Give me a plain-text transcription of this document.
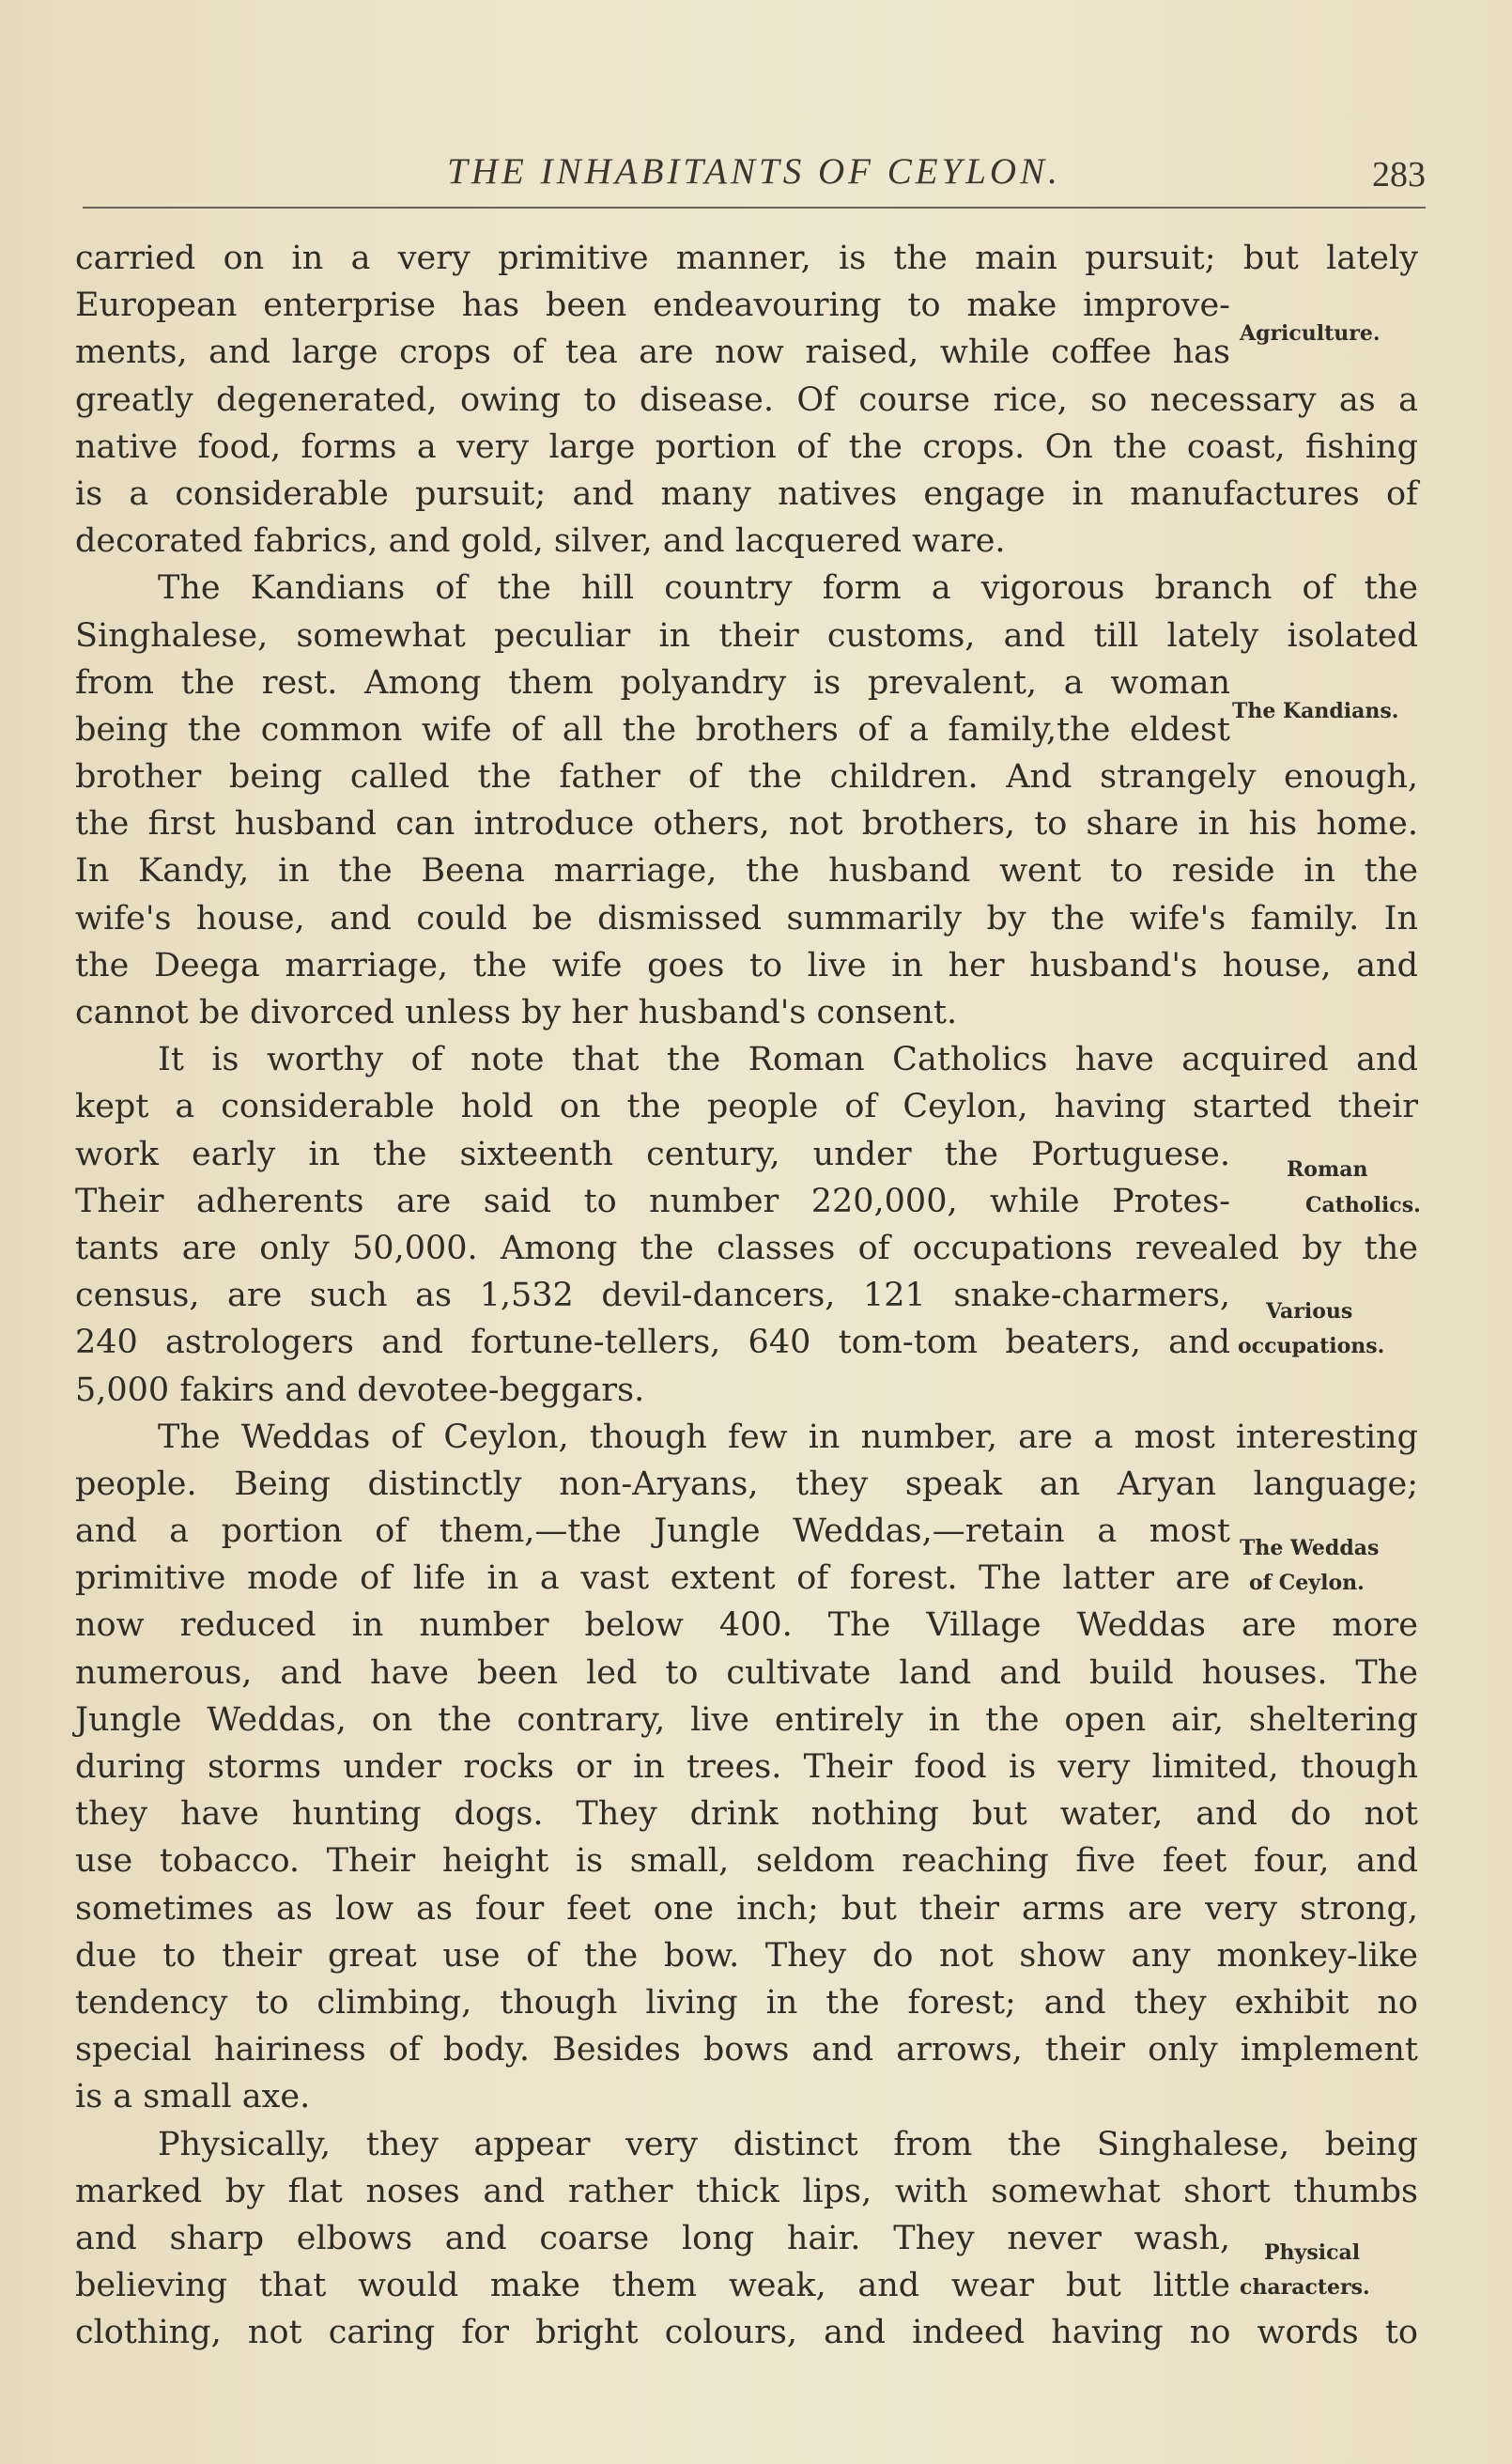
THE INHABITANTS OF CEYLON.	283
carried on in a very primitive manner, is the main pursuit; but lately
European enterprise has been endeavouring to make improve-
ments, and large crops of tea are now raised, while coffee has
greatly degenerated, owing to disease. Of course rice, so necessary as a
native food, forms a very large portion of the crops. On the coast, fishing
is a considerable pursuit; and many natives engage in manufactures of
decorated fabrics, and gold, silver, and lacquered ware.
The Kandians of the hill country form a vigorous branch of the
Singhalese, somewhat peculiar in their customs, and till lately isolated
from the rest. Among them polyandry is prevalent, a woman
being the common wife of all the brothers of a family,the eldest
brother being called the father of the children. And strangely enough,
the first husband can introduce others, not brothers, to share in his home.
In Kandy, in the Beena marriage, the husband went to reside in the
wife's house, and could be dismissed summarily by the wife's family. In
the Deega marriage, the wife goes to live in her husband's house, and
cannot be divorced unless by her husband's consent.
It is worthy of note that the Roman Catholics have acquired and
kept a considerable hold on the people of Ceylon, having started their
work early in the sixteenth century, under the Portuguese.
Their adherents are said to number 220,000, while Protes-
tants are only 50,000. Among the classes of occupations revealed by the
census, are such as 1,532 devil-dancers, 121 snake-charmers,
240 astrologers and fortune-tellers, 640 tom-tom beaters, and
5,000 fakirs and devotee-beggars.
The Weddas of Ceylon, though few in number, are a most interesting
people. Being distinctly non-Aryans, they speak an Aryan language;
and a portion of them,—the Jungle Weddas,—retain a most
primitive mode of life in a vast extent of forest. The latter are
now reduced in number below 400. The Village Weddas are more
numerous, and have been led to cultivate land and build houses. The
Jungle Weddas, on the contrary, live entirely in the open air, sheltering
during storms under rocks or in trees. Their food is very limited, though
they have hunting dogs. They drink nothing but water, and do not
use tobacco. Their height is small, seldom reaching five feet four, and
sometimes as low as four feet one inch; but their arms are very strong,
due to their great use of the bow. They do not show any monkey-like
tendency to climbing, though living in the forest; and they exhibit no
special hairiness of body. Besides bows and arrows, their only implement
is a small axe.
Physically, they appear very distinct from the Singhalese, being
marked by flat noses and rather thick lips, with somewhat short thumbs
and sharp elbows and coarse long hair. They never wash,
believing that would make them weak, and wear but little
clothing, not caring for bright colours, and indeed having no words to
Agriculture.
The Kandians.
Roman
Catholics.
Various
occupations.
The Weddas
of Ceylon.
Physical
characters.
